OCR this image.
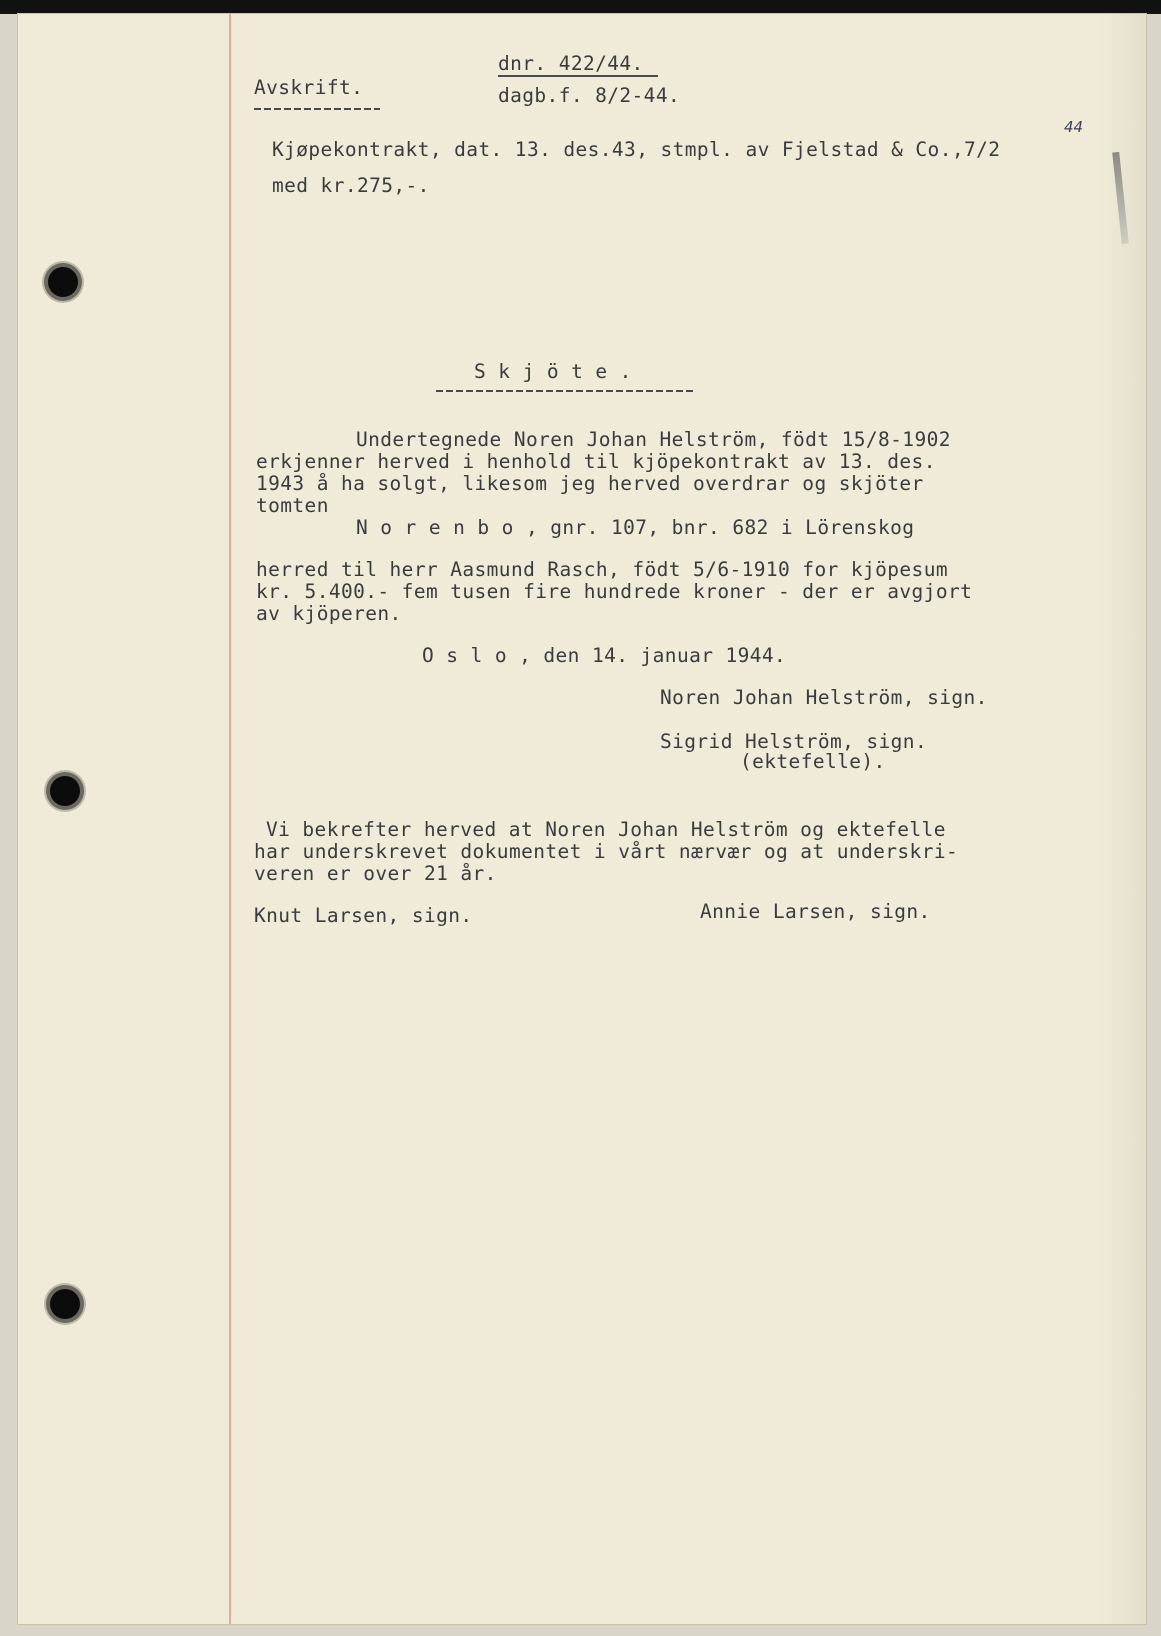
Avskrift.
dnr. 422/44.
dagb.f. 8/2-44.
Kjøpekontrakt, dat. 13. des.43, stmpl. av Fjelstad & Co.,7/2
med kr.275,-.
44
S k j ö t e .
Undertegnede Noren Johan Helström, födt 15/8-1902
erkjenner herved i henhold til kjöpekontrakt av 13. des.
1943 å ha solgt, likesom jeg herved overdrar og skjöter
tomten
N o r e n b o , gnr. 107, bnr. 682 i Lörenskog
herred til herr Aasmund Rasch, födt 5/6-1910 for kjöpesum
kr. 5.400.- fem tusen fire hundrede kroner - der er avgjort
av kjöperen.
O s l o , den 14. januar 1944.
Noren Johan Helström, sign.
Sigrid Helström, sign.
(ektefelle).
Vi bekrefter herved at Noren Johan Helström og ektefelle
har underskrevet dokumentet i vårt nærvær og at underskri-
veren er over 21 år.
Knut Larsen, sign.	Annie Larsen, sign.
